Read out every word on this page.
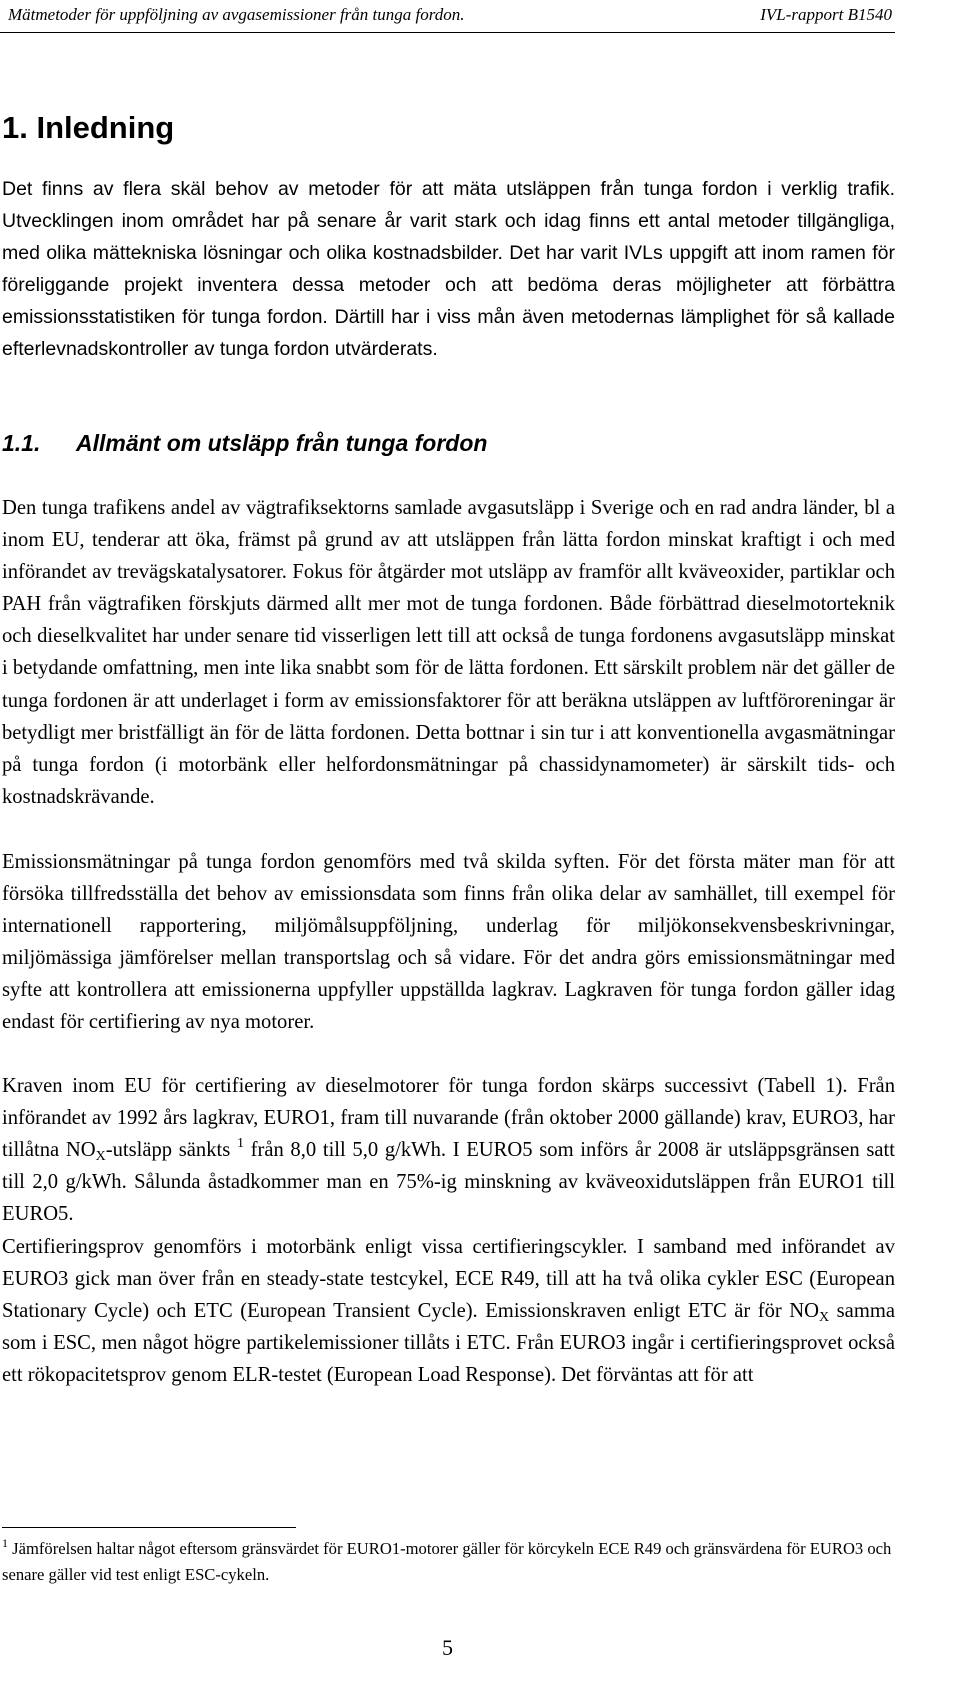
Mätmetoder för uppföljning av avgasemissioner från tunga fordon.	IVL-rapport B1540
1. Inledning

Det finns av flera skäl behov av metoder för att mäta utsläppen från tunga fordon i verklig trafik. Utvecklingen inom området har på senare år varit stark och idag finns ett antal metoder tillgängliga, med olika mättekniska lösningar och olika kostnadsbilder. Det har varit IVLs uppgift att inom ramen för föreliggande projekt inventera dessa metoder och att bedöma deras möjligheter att förbättra emissionsstatistiken för tunga fordon. Därtill har i viss mån även metodernas lämplighet för så kallade efterlevnadskontroller av tunga fordon utvärderats.

1.1.	Allmänt om utsläpp från tunga fordon

Den tunga trafikens andel av vägtrafiksektorns samlade avgasutsläpp i Sverige och en rad andra länder, bl a inom EU, tenderar att öka, främst på grund av att utsläppen från lätta fordon minskat kraftigt i och med införandet av trevägskatalysatorer. Fokus för åtgärder mot utsläpp av framför allt kväveoxider, partiklar och PAH från vägtrafiken förskjuts därmed allt mer mot de tunga fordonen. Både förbättrad dieselmotorteknik och dieselkvalitet har under senare tid visserligen lett till att också de tunga fordonens avgasutsläpp minskat i betydande omfattning, men inte lika snabbt som för de lätta fordonen. Ett särskilt problem när det gäller de tunga fordonen är att underlaget i form av emissionsfaktorer för att beräkna utsläppen av luftföroreningar är betydligt mer bristfälligt än för de lätta fordonen. Detta bottnar i sin tur i att konventionella avgasmätningar på tunga fordon (i motorbänk eller helfordonsmätningar på chassidynamometer) är särskilt tids- och kostnadskrävande.

Emissionsmätningar på tunga fordon genomförs med två skilda syften. För det första mäter man för att försöka tillfredsställa det behov av emissionsdata som finns från olika delar av samhället, till exempel för internationell rapportering, miljömålsuppföljning, underlag för miljökonsekvensbeskrivningar, miljömässiga jämförelser mellan transportslag och så vidare. För det andra görs emissionsmätningar med syfte att kontrollera att emissionerna uppfyller uppställda lagkrav. Lagkraven för tunga fordon gäller idag endast för certifiering av nya motorer.

Kraven inom EU för certifiering av dieselmotorer för tunga fordon skärps successivt (Tabell 1). Från införandet av 1992 års lagkrav, EURO1, fram till nuvarande (från oktober 2000 gällande) krav, EURO3, har tillåtna $NO_X$-utsläpp sänkts $^1$ från 8,0 till 5,0 g/kWh. I EURO5 som införs år 2008 är utsläppsgränsen satt till 2,0 g/kWh. Sålunda åstadkommer man en 75%-ig minskning av kväveoxidutsläppen från EURO1 till EURO5.

Certifieringsprov genomförs i motorbänk enligt vissa certifieringscykler. I samband med införandet av EURO3 gick man över från en steady-state testcykel, ECE R49, till att ha två olika cykler ESC (European Stationary Cycle) och ETC (European Transient Cycle). Emissionskraven enligt ETC är för $NO_X$ samma som i ESC, men något högre partikelemissioner tillåts i ETC. Från EURO3 ingår i certifieringsprovet också ett rökopacitetsprov genom ELR-testet (European Load Response). Det förväntas att för att

$^1$ Jämförelsen haltar något eftersom gränsvärdet för EURO1-motorer gäller för körcykeln ECE R49 och gränsvärdena för EURO3 och senare gäller vid test enligt ESC-cykeln.

5
